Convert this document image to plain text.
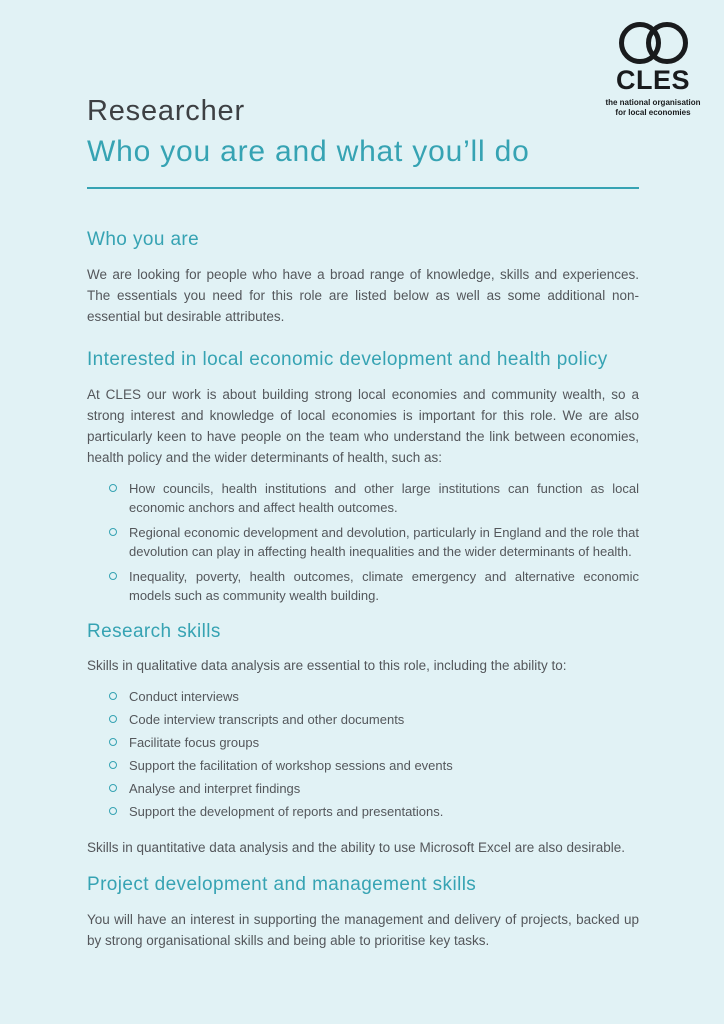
CLES
the national organisation
for local economies
Researcher
Who you are and what you’ll do
Who you are

We are looking for people who have a broad range of knowledge, skills and experiences. The essentials you need for this role are listed below as well as some additional non-essential but desirable attributes.

Interested in local economic development and health policy

At CLES our work is about building strong local economies and community wealth, so a strong interest and knowledge of local economies is important for this role. We are also particularly keen to have people on the team who understand the link between economies, health policy and the wider determinants of health, such as:

How councils, health institutions and other large institutions can function as local economic anchors and affect health outcomes.
Regional economic development and devolution, particularly in England and the role that devolution can play in affecting health inequalities and the wider determinants of health.
Inequality, poverty, health outcomes, climate emergency and alternative economic models such as community wealth building.
Research skills

Skills in qualitative data analysis are essential to this role, including the ability to:

Conduct interviews
Code interview transcripts and other documents
Facilitate focus groups
Support the facilitation of workshop sessions and events
Analyse and interpret findings
Support the development of reports and presentations.

Skills in quantitative data analysis and the ability to use Microsoft Excel are also desirable.

Project development and management skills

You will have an interest in supporting the management and delivery of projects, backed up by strong organisational skills and being able to prioritise key tasks.
